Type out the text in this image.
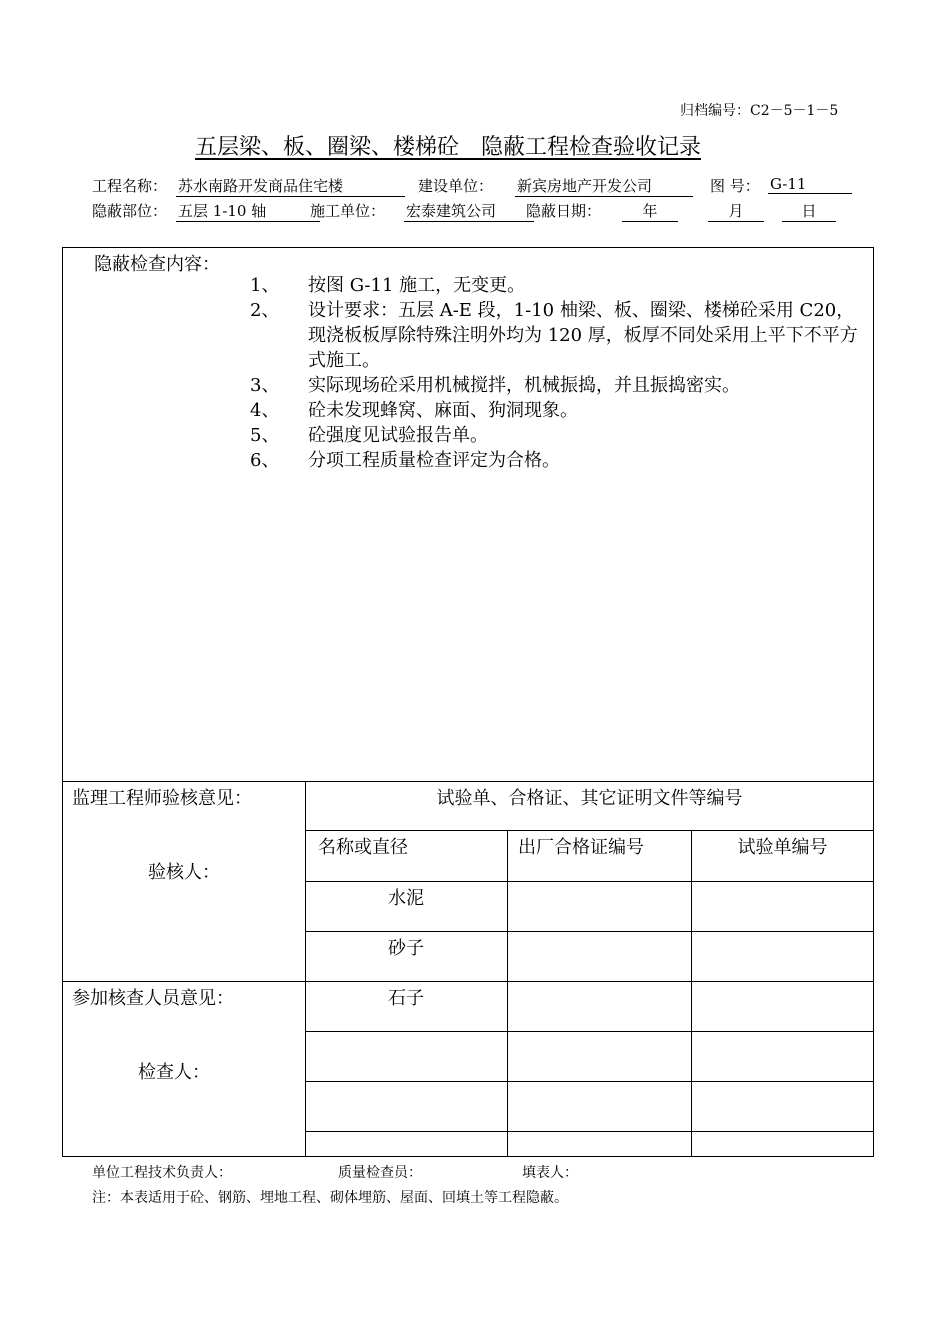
归档编号：C2－5－1－5
五层梁、板、圈梁、楼梯砼　隐蔽工程检查验收记录
工程名称： 苏水南路开发商品住宅楼	建设单位： 新宾房地产开发公司	图 号： G-11
隐蔽部位： 五层 1-10 轴	施工单位： 宏泰建筑公司	隐蔽日期：	年	月	日
隐蔽检查内容：
1、 按图 G-11 施工，无变更。
2、 设计要求：五层 A-E 段，1-10 柚梁、板、圈梁、楼梯砼采用 C20，现浇板板厚除特殊注明外均为 120 厚，板厚不同处采用上平下不平方式施工。
3、 实际现场砼采用机械搅拌，机械振捣，并且振捣密实。
4、 砼未发现蜂窝、麻面、狗洞现象。
5、 砼强度见试验报告单。
6、 分项工程质量检查评定为合格。
监理工程师验核意见：
验核人：
参加核查人员意见：
检查人：
试验单、合格证、其它证明文件等编号
名称或直径	出厂合格证编号	试验单编号
水泥
砂子
石子
单位工程技术负责人：	质量检查员：	填表人：
注：本表适用于砼、钢筋、埋地工程、砌体埋筋、屋面、回填土等工程隐蔽。
